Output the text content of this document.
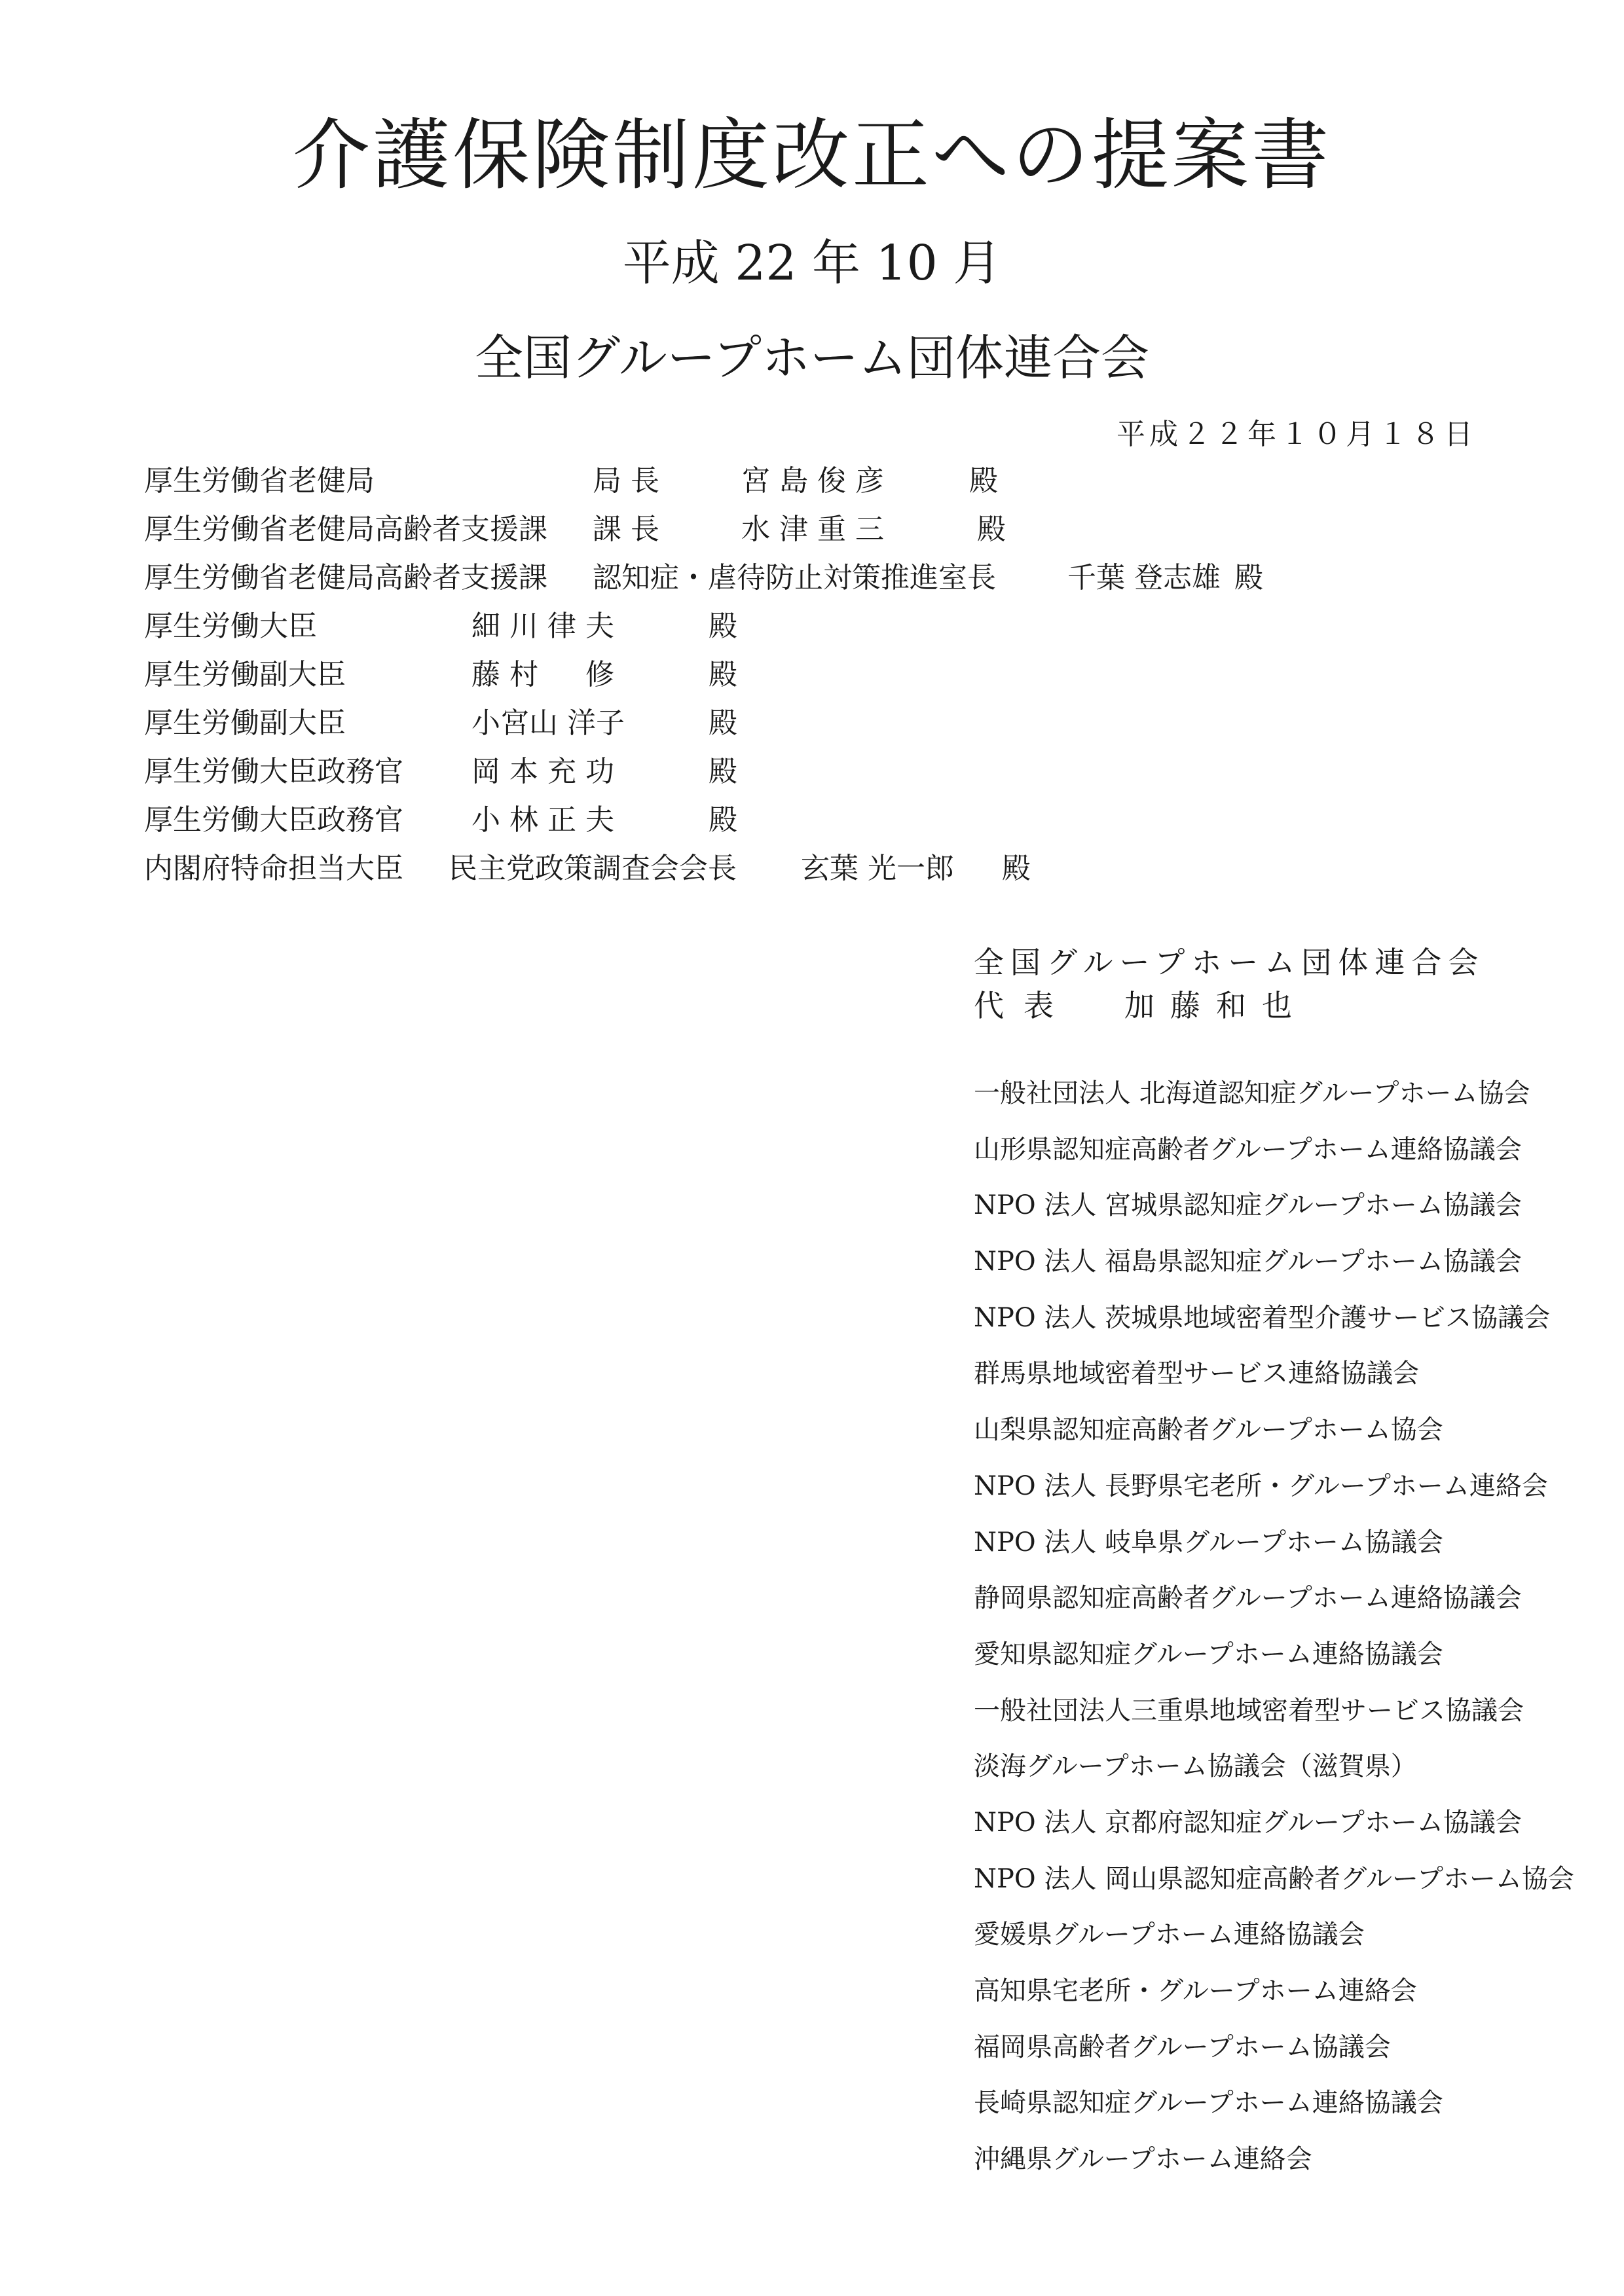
介護保険制度改正への提案書
平成 22 年 10 月
全国グループホーム団体連合会
平成２２年１０月１８日
厚生労働省老健局	局 長	宮 島 俊 彦	殿
厚生労働省老健局高齢者支援課 課 長	水 津 重 三	殿
厚生労働省老健局高齢者支援課 認知症・虐待防止対策推進室長 千葉 登志雄 殿
厚生労働大臣	細 川 律 夫	殿
厚生労働副大臣	藤 村 　 修	殿
厚生労働副大臣	小宮山 洋子	殿
厚生労働大臣政務官 岡 本 充 功	殿
厚生労働大臣政務官 小 林 正 夫	殿
内閣府特命担当大臣 民主党政策調査会会長 玄葉 光一郎 殿
全国グループホーム団体連合会
代表 加藤和也
一般社団法人 北海道認知症グループホーム協会
山形県認知症高齢者グループホーム連絡協議会
NPO 法人 宮城県認知症グループホーム協議会
NPO 法人 福島県認知症グループホーム協議会
NPO 法人 茨城県地域密着型介護サービス協議会
群馬県地域密着型サービス連絡協議会
山梨県認知症高齢者グループホーム協会
NPO 法人 長野県宅老所・グループホーム連絡会
NPO 法人 岐阜県グループホーム協議会
静岡県認知症高齢者グループホーム連絡協議会
愛知県認知症グループホーム連絡協議会
一般社団法人三重県地域密着型サービス協議会
淡海グループホーム協議会（滋賀県）
NPO 法人 京都府認知症グループホーム協議会
NPO 法人 岡山県認知症高齢者グループホーム協会
愛媛県グループホーム連絡協議会
高知県宅老所・グループホーム連絡会
福岡県高齢者グループホーム協議会
長崎県認知症グループホーム連絡協議会
沖縄県グループホーム連絡会
